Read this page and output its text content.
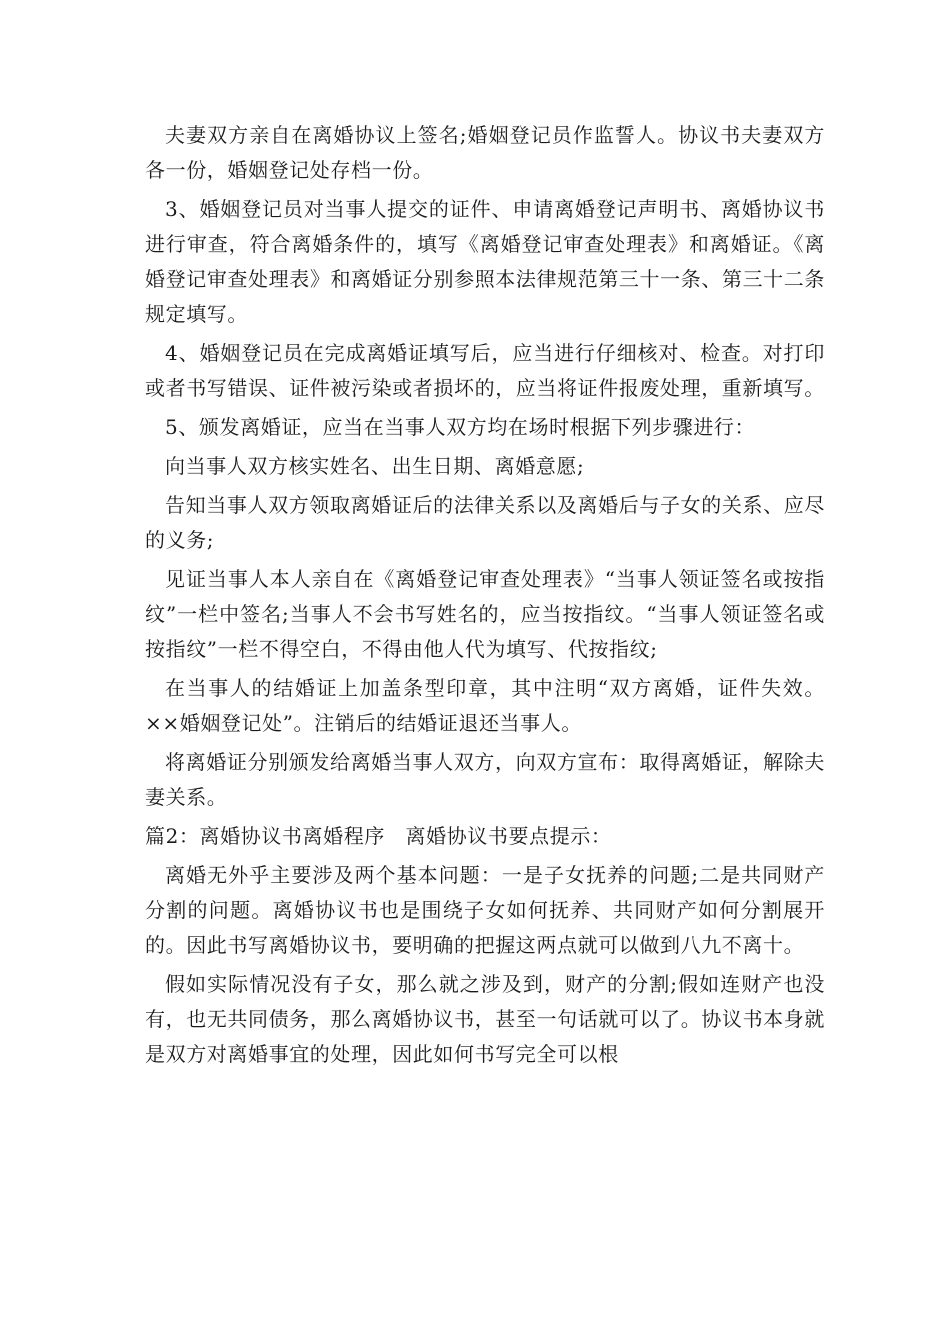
夫妻双方亲自在离婚协议上签名;婚姻登记员作监誓人。协议书夫妻双方各一份，婚姻登记处存档一份。

3、婚姻登记员对当事人提交的证件、申请离婚登记声明书、离婚协议书进行审查，符合离婚条件的，填写《离婚登记审查处理表》和离婚证。《离婚登记审查处理表》和离婚证分别参照本法律规范第三十一条、第三十二条规定填写。

4、婚姻登记员在完成离婚证填写后，应当进行仔细核对、检查。对打印或者书写错误、证件被污染或者损坏的，应当将证件报废处理，重新填写。

5、颁发离婚证，应当在当事人双方均在场时根据下列步骤进行：

向当事人双方核实姓名、出生日期、离婚意愿;

告知当事人双方领取离婚证后的法律关系以及离婚后与子女的关系、应尽的义务;

见证当事人本人亲自在《离婚登记审查处理表》“当事人领证签名或按指纹”一栏中签名;当事人不会书写姓名的，应当按指纹。“当事人领证签名或按指纹”一栏不得空白，不得由他人代为填写、代按指纹;

在当事人的结婚证上加盖条型印章，其中注明“双方离婚，证件失效。××婚姻登记处”。注销后的结婚证退还当事人。

将离婚证分别颁发给离婚当事人双方，向双方宣布：取得离婚证，解除夫妻关系。

篇2：离婚协议书离婚程序　离婚协议书要点提示：

离婚无外乎主要涉及两个基本问题：一是子女抚养的问题;二是共同财产分割的问题。离婚协议书也是围绕子女如何抚养、共同财产如何分割展开的。因此书写离婚协议书，要明确的把握这两点就可以做到八九不离十。

假如实际情况没有子女，那么就之涉及到，财产的分割;假如连财产也没有，也无共同债务，那么离婚协议书，甚至一句话就可以了。协议书本身就是双方对离婚事宜的处理，因此如何书写完全可以根
